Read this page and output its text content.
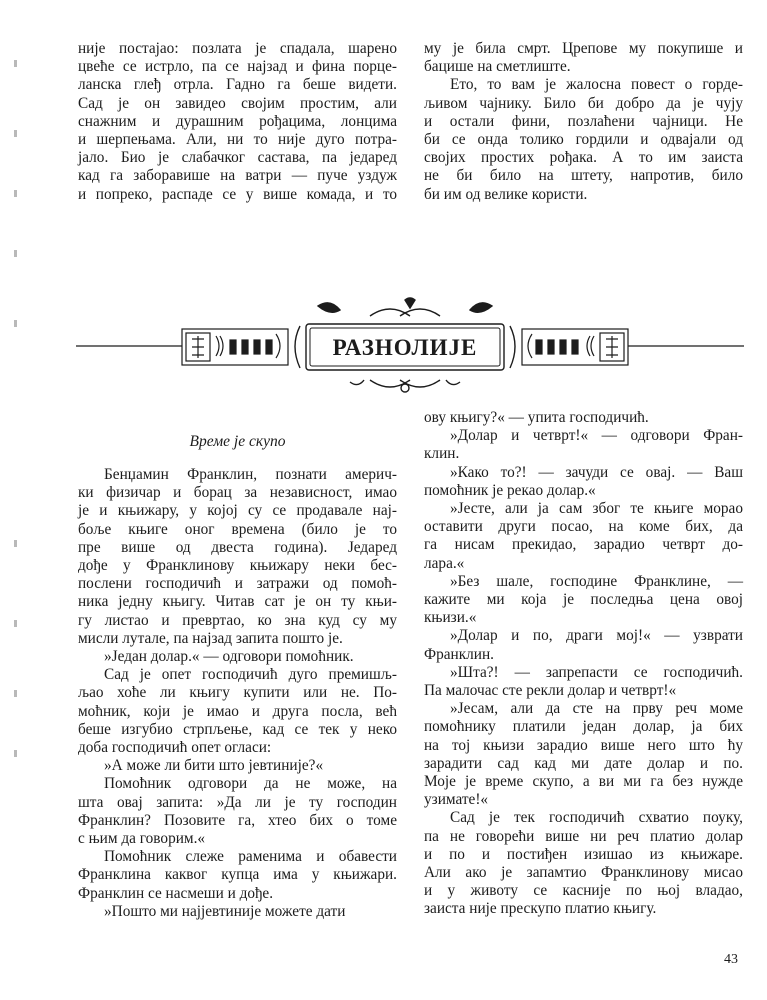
није постајао: позлата је спадала, шарено

цвеће се истрло, па се најзад и фина порце-

ланска глеђ отрла. Гадно га беше видети.

Сад је он завидео својим простим, али

снажним и дурашним рођацима, лонцима

и шерпењама. Али, ни то није дуго потра-

јало. Био је слабачког састава, па једаред

кад га заборавише на ватри — пуче уздуж

и попреко, распаде се у више комада, и то

му је била смрт. Црепове му покупише и

бацише на сметлиште.

Ето, то вам је жалосна повест о горде-

љивом чајнику. Било би добро да је чују

и остали фини, позлаћени чајници. Не

би се онда толико гордили и одвајали од

својих простих рођака. А то им заиста

не би било на штету, напротив, било

би им од велике користи.

РАЗНОЛИЈЕ
Време је скупо

Бенџамин Франклин, познати америч-

ки физичар и борац за независност, имао

је и књижару, у којој су се продавале нај-

боље књиге оног времена (било је то

пре више од двеста година). Једаред

дође у Франклинову књижару неки бес-

послени господичић и затражи од помоћ-

ника једну књигу. Читав сат је он ту књи-

гу листао и превртао, ко зна куд су му

мисли лутале, па најзад запита пошто је.

»Један долар.« — одговори помоћник.

Сад је опет господичић дуго премишљ-

љао хоће ли књигу купити или не. По-

моћник, који је имао и друга посла, већ

беше изгубио стрпљење, кад се тек у неко

доба господичић опет огласи:

»А може ли бити што јевтиније?«

Помоћник одговори да не може, на

шта овај запита: »Да ли је ту господин

Франклин? Позовите га, хтео бих о томе

с њим да говорим.«

Помоћник слеже раменима и обавести

Франклина каквог купца има у књижари.

Франклин се насмеши и дође.

»Пошто ми најјевтиније можете дати

ову књигу?« — упита господичић.

»Долар и четврт!« — одговори Фран-

клин.

»Како то?! — зачуди се овај. — Ваш

помоћник је рекао долар.«

»Јесте, али ја сам због те књиге морао

оставити други посао, на коме бих, да

га нисам прекидао, зарадио четврт до-

лара.«

»Без шале, господине Франклине, —

кажите ми која је последња цена овој

књизи.«

»Долар и по, драги мој!« — узврати

Франклин.

»Шта?! — запрепасти се господичић.

Па малочас сте рекли долар и четврт!«

»Јесам, али да сте на прву реч моме

помоћнику платили један долар, ја бих

на тој књизи зарадио више него што ћу

зарадити сад кад ми дате долар и по.

Моје је време скупо, а ви ми га без нужде

узимате!«

Сад је тек господичић схватио поуку,

па не говорећи више ни реч платио долар

и по и постиђен изишао из књижаре.

Али ако је запамтио Франклинову мисао

и у животу се касније по њој владао,

заиста није прескупо платио књигу.

43
